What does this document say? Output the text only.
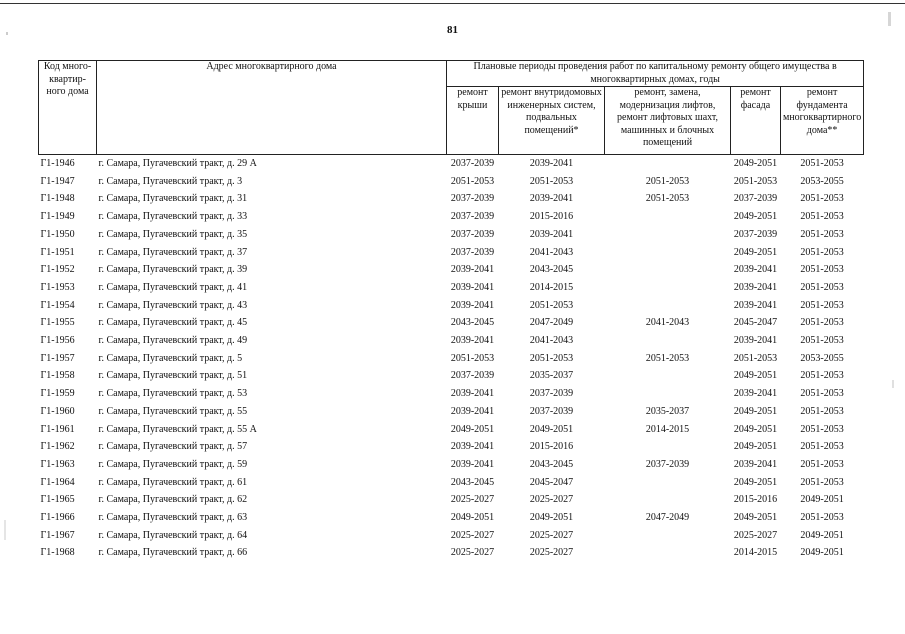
81
Код много-квартир-ного дома	Адрес многоквартирного дома	Плановые периоды проведения работ по капитальному ремонту общего имущества в многоквартирных домах, годы				
		ремонт крыши	ремонт внутридомовых инженерных систем, подвальных помещений*	ремонт, замена, модернизация лифтов, ремонт лифтовых шахт, машинных и блочных помещений	ремонт фасада	ремонт фундамента многоквартирного дома**
Г1-1946	г. Самара, Пугачевский тракт, д. 29 А	2037-2039	2039-2041		2049-2051	2051-2053
Г1-1947	г. Самара, Пугачевский тракт, д. 3	2051-2053	2051-2053	2051-2053	2051-2053	2053-2055
Г1-1948	г. Самара, Пугачевский тракт, д. 31	2037-2039	2039-2041	2051-2053	2037-2039	2051-2053
Г1-1949	г. Самара, Пугачевский тракт, д. 33	2037-2039	2015-2016		2049-2051	2051-2053
Г1-1950	г. Самара, Пугачевский тракт, д. 35	2037-2039	2039-2041		2037-2039	2051-2053
Г1-1951	г. Самара, Пугачевский тракт, д. 37	2037-2039	2041-2043		2049-2051	2051-2053
Г1-1952	г. Самара, Пугачевский тракт, д. 39	2039-2041	2043-2045		2039-2041	2051-2053
Г1-1953	г. Самара, Пугачевский тракт, д. 41	2039-2041	2014-2015		2039-2041	2051-2053
Г1-1954	г. Самара, Пугачевский тракт, д. 43	2039-2041	2051-2053		2039-2041	2051-2053
Г1-1955	г. Самара, Пугачевский тракт, д. 45	2043-2045	2047-2049	2041-2043	2045-2047	2051-2053
Г1-1956	г. Самара, Пугачевский тракт, д. 49	2039-2041	2041-2043		2039-2041	2051-2053
Г1-1957	г. Самара, Пугачевский тракт, д. 5	2051-2053	2051-2053	2051-2053	2051-2053	2053-2055
Г1-1958	г. Самара, Пугачевский тракт, д. 51	2037-2039	2035-2037		2049-2051	2051-2053
Г1-1959	г. Самара, Пугачевский тракт, д. 53	2039-2041	2037-2039		2039-2041	2051-2053
Г1-1960	г. Самара, Пугачевский тракт, д. 55	2039-2041	2037-2039	2035-2037	2049-2051	2051-2053
Г1-1961	г. Самара, Пугачевский тракт, д. 55 А	2049-2051	2049-2051	2014-2015	2049-2051	2051-2053
Г1-1962	г. Самара, Пугачевский тракт, д. 57	2039-2041	2015-2016		2049-2051	2051-2053
Г1-1963	г. Самара, Пугачевский тракт, д. 59	2039-2041	2043-2045	2037-2039	2039-2041	2051-2053
Г1-1964	г. Самара, Пугачевский тракт, д. 61	2043-2045	2045-2047		2049-2051	2051-2053
Г1-1965	г. Самара, Пугачевский тракт, д. 62	2025-2027	2025-2027		2015-2016	2049-2051
Г1-1966	г. Самара, Пугачевский тракт, д. 63	2049-2051	2049-2051	2047-2049	2049-2051	2051-2053
Г1-1967	г. Самара, Пугачевский тракт, д. 64	2025-2027	2025-2027		2025-2027	2049-2051
Г1-1968	г. Самара, Пугачевский тракт, д. 66	2025-2027	2025-2027		2014-2015	2049-2051
